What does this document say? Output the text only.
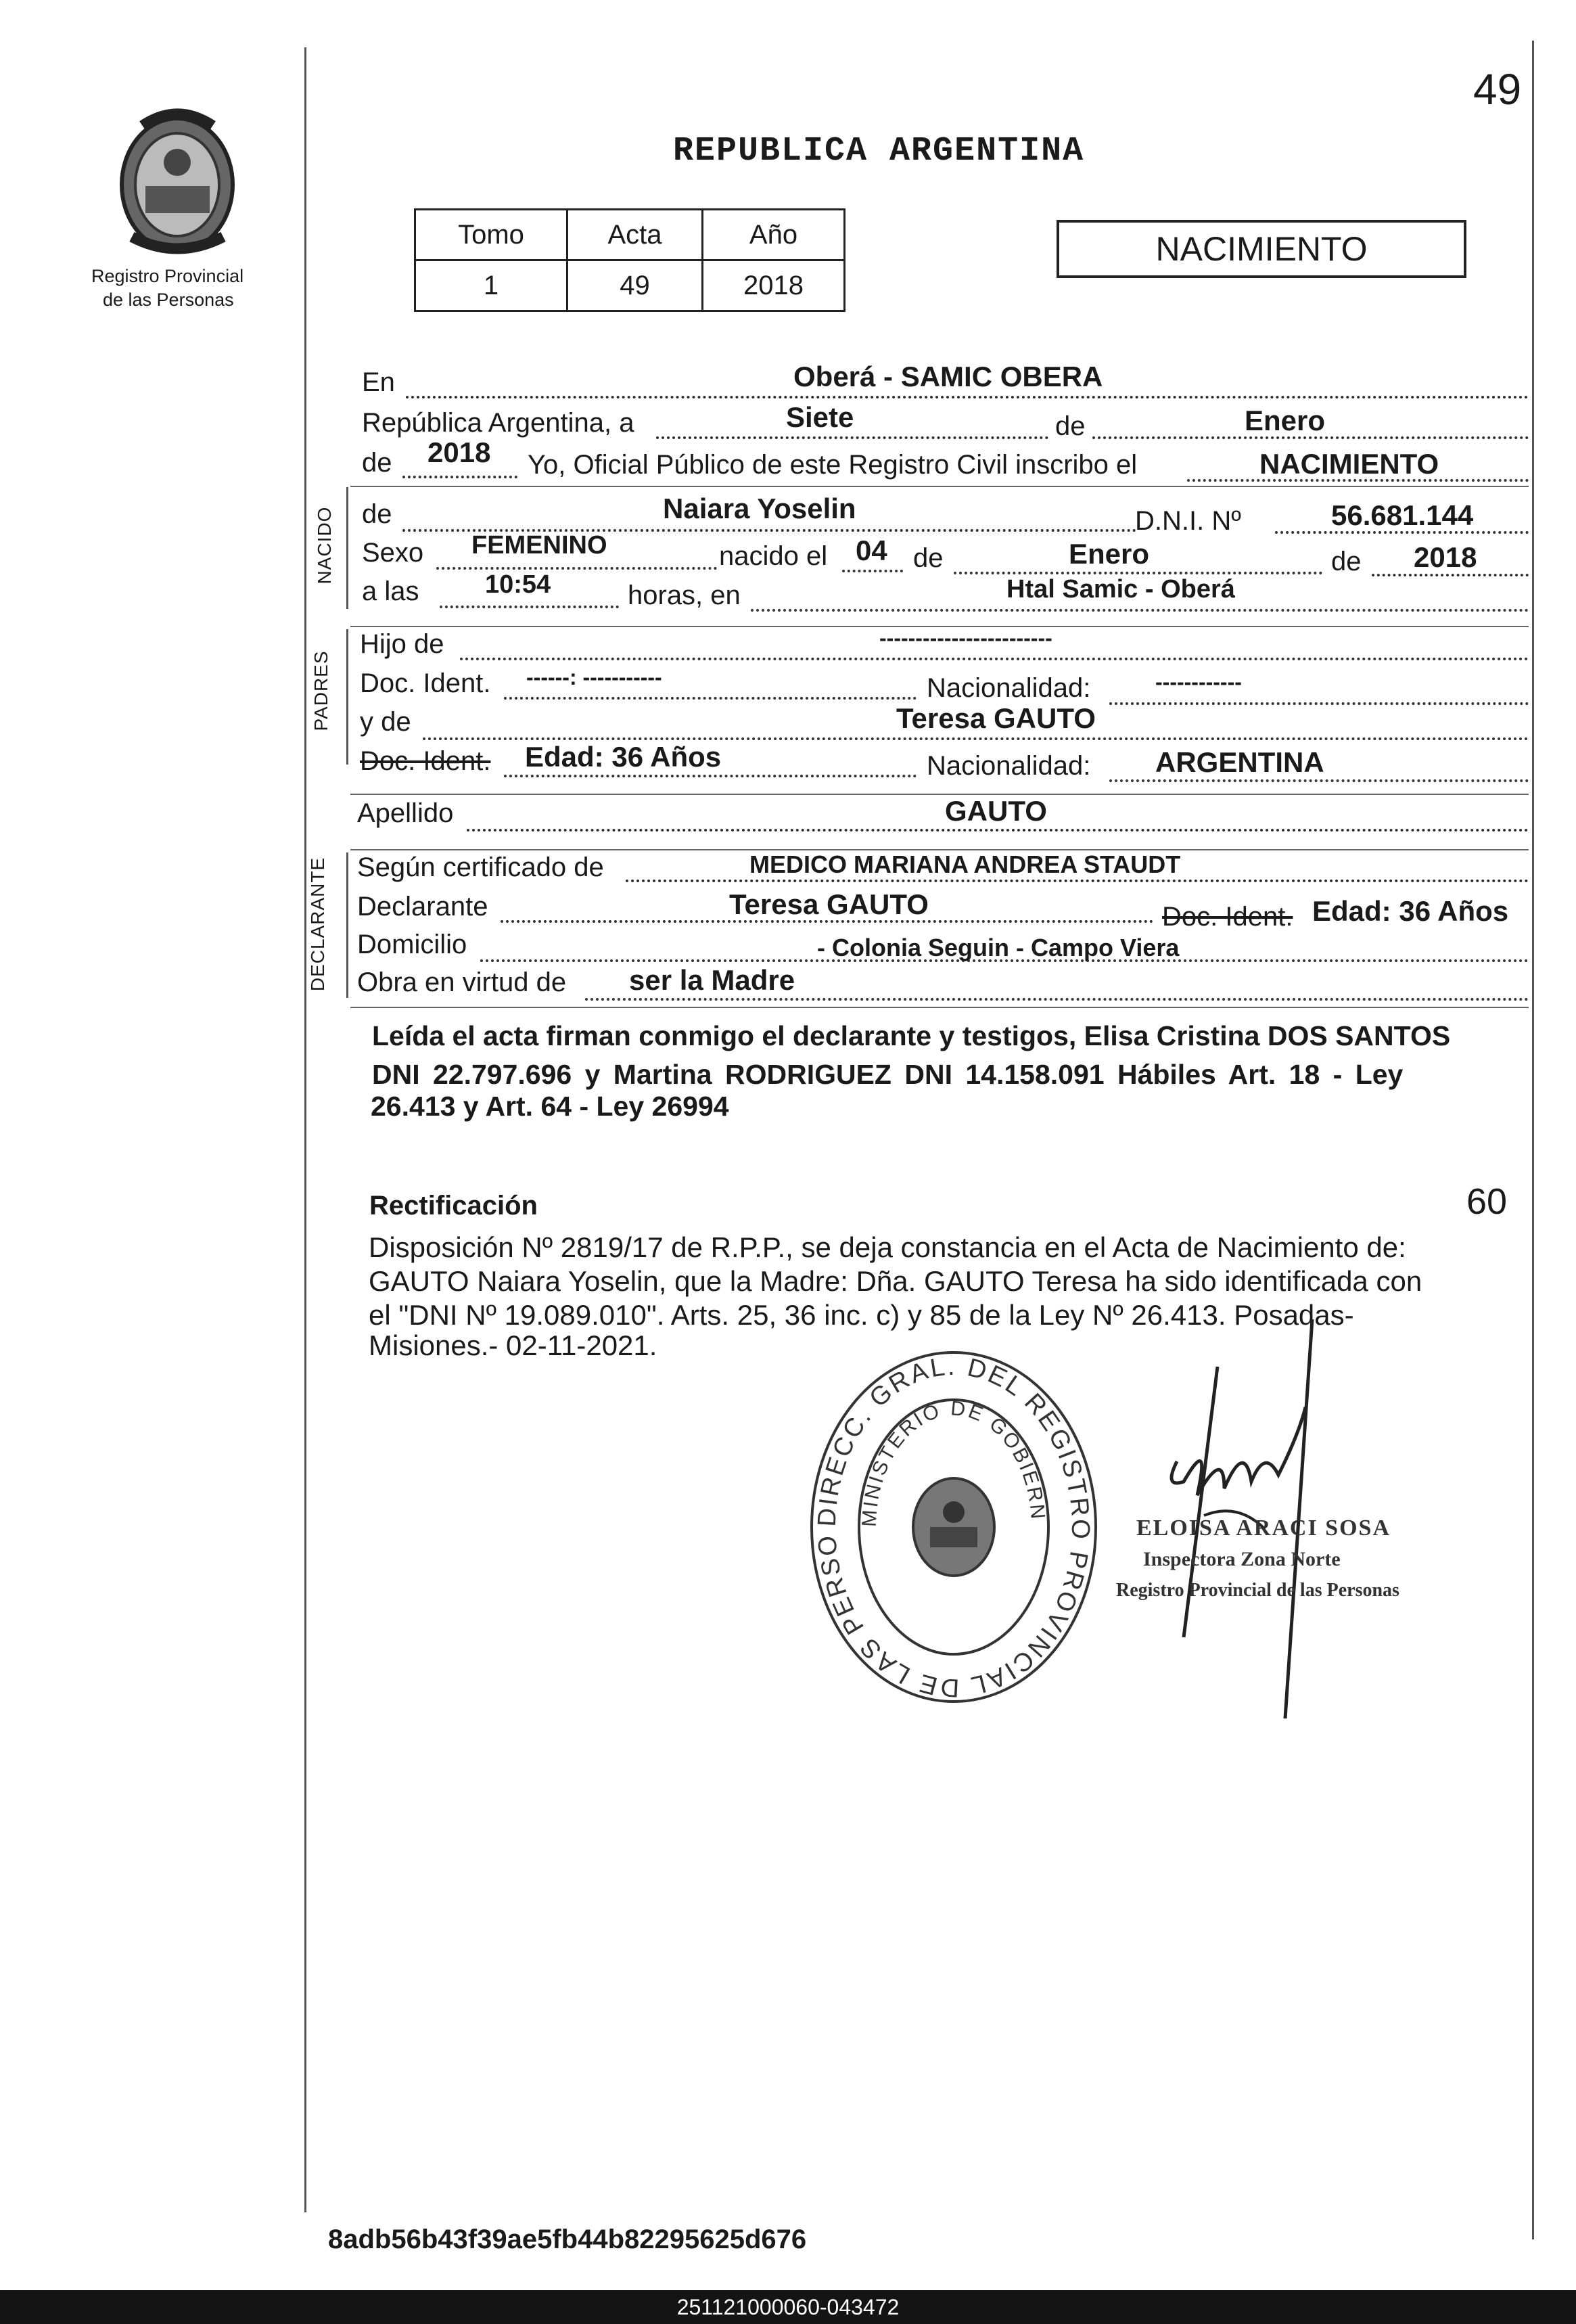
49
Registro Provincial
de las Personas
REPUBLICA ARGENTINA
Tomo	Acta	Año
1	49	2018
NACIMIENTO
NACIDO
PADRES
DECLARANTE
En	Oberá - SAMIC OBERA
República Argentina, a	Siete	de	Enero
de 2018 Yo, Oficial Público de este Registro Civil inscribo el	NACIMIENTO
de	Naiara Yoselin	D.N.I. Nº	56.681.144
Sexo FEMENINO	nacido el 04 de	Enero	de 2018
a las	10:54	horas, en	Htal Samic - Oberá
Hijo de	------------------------
Doc. Ident. ------: -----------	Nacionalidad:	------------
y de	Teresa GAUTO
Doc. Ident. Edad: 36 Años	Nacionalidad: ARGENTINA
Apellido	GAUTO
Según certificado de	MEDICO MARIANA ANDREA STAUDT
Declarante	Teresa GAUTO	Doc. Ident. Edad: 36 Años
Domicilio	- Colonia Seguin - Campo Viera
Obra en virtud de ser la Madre
Leída el acta firman conmigo el declarante y testigos, Elisa Cristina DOS SANTOS
DNI 22.797.696 y Martina RODRIGUEZ DNI 14.158.091 Hábiles Art. 18 - Ley
26.413 y Art. 64 - Ley 26994
Rectificación	60
Disposición Nº 2819/17 de R.P.P., se deja constancia en el Acta de Nacimiento de:
GAUTO Naiara Yoselin, que la Madre: Dña. GAUTO Teresa ha sido identificada con
el "DNI Nº 19.089.010". Arts. 25, 36 inc. c) y 85 de la Ley Nº 26.413. Posadas-
Misiones.- 02-11-2021.
DIRECC. GRAL. DEL REGISTRO PROVINCIAL DE LAS PERSO
MINISTERIO DE GOBIERN
ELOISA ARACI SOSA
Inspectora Zona Norte
Registro Provincial de las Personas
8adb56b43f39ae5fb44b82295625d676
251121000060-043472
